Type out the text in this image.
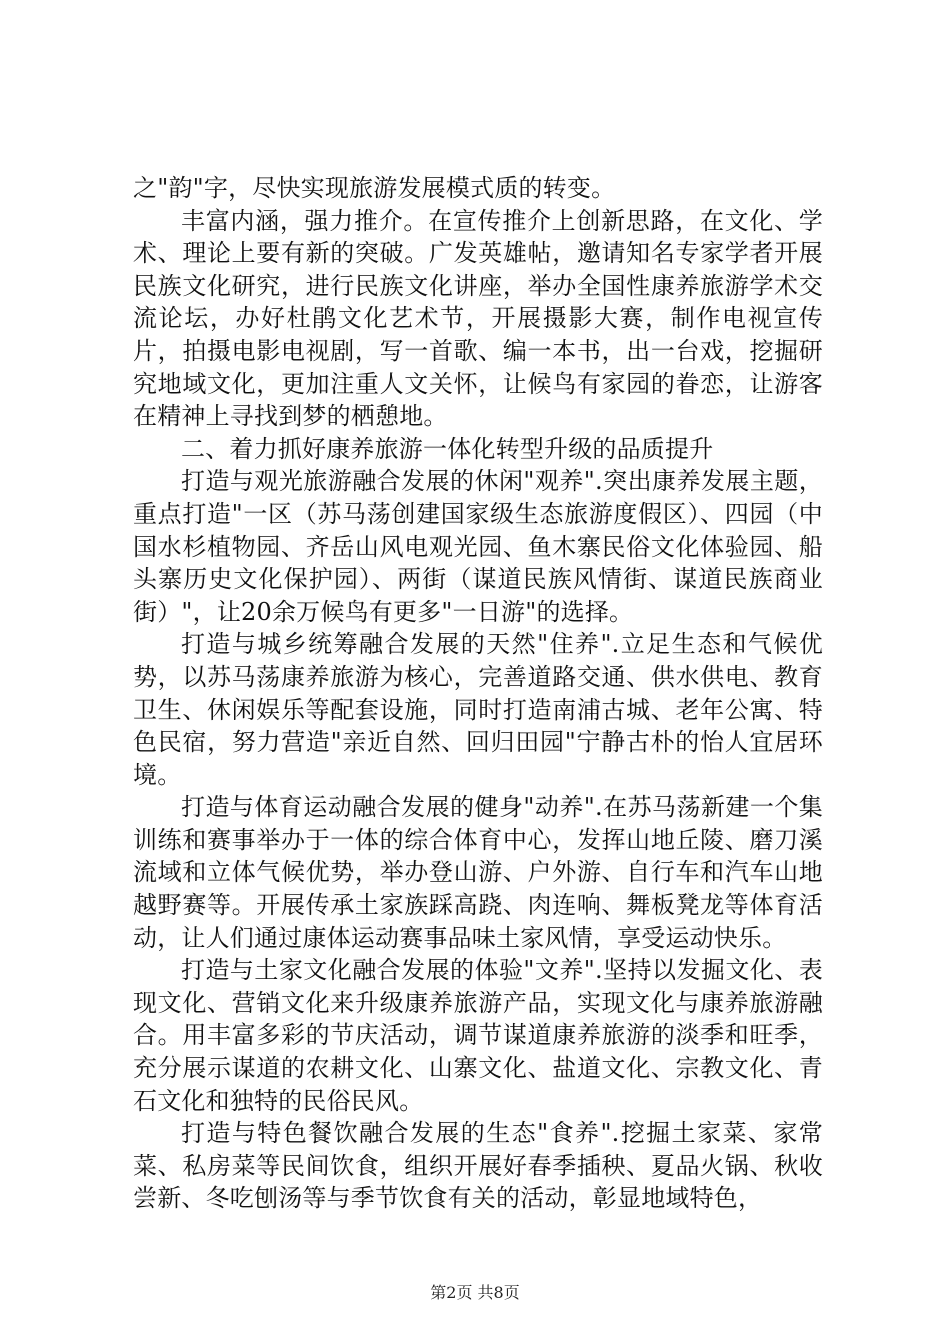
之"韵"字，尽快实现旅游发展模式质的转变。

丰富内涵，强力推介。在宣传推介上创新思路，在文化、学术、理论上要有新的突破。广发英雄帖，邀请知名专家学者开展民族文化研究，进行民族文化讲座，举办全国性康养旅游学术交流论坛，办好杜鹃文化艺术节，开展摄影大赛，制作电视宣传片，拍摄电影电视剧，写一首歌、编一本书，出一台戏，挖掘研究地域文化，更加注重人文关怀，让候鸟有家园的眷恋，让游客在精神上寻找到梦的栖憩地。

二、着力抓好康养旅游一体化转型升级的品质提升

打造与观光旅游融合发展的休闲"观养".突出康养发展主题，重点打造"一区（苏马荡创建国家级生态旅游度假区）、四园（中国水杉植物园、齐岳山风电观光园、鱼木寨民俗文化体验园、船头寨历史文化保护园）、两街（谋道民族风情街、谋道民族商业街）"，让20余万候鸟有更多"一日游"的选择。

打造与城乡统筹融合发展的天然"住养".立足生态和气候优势，以苏马荡康养旅游为核心，完善道路交通、供水供电、教育卫生、休闲娱乐等配套设施，同时打造南浦古城、老年公寓、特色民宿，努力营造"亲近自然、回归田园"宁静古朴的怡人宜居环境。

打造与体育运动融合发展的健身"动养".在苏马荡新建一个集训练和赛事举办于一体的综合体育中心，发挥山地丘陵、磨刀溪流域和立体气候优势，举办登山游、户外游、自行车和汽车山地越野赛等。开展传承土家族踩高跷、肉连响、舞板凳龙等体育活动，让人们通过康体运动赛事品味土家风情，享受运动快乐。

打造与土家文化融合发展的体验"文养".坚持以发掘文化、表现文化、营销文化来升级康养旅游产品，实现文化与康养旅游融合。用丰富多彩的节庆活动，调节谋道康养旅游的淡季和旺季，充分展示谋道的农耕文化、山寨文化、盐道文化、宗教文化、青石文化和独特的民俗民风。

打造与特色餐饮融合发展的生态"食养".挖掘土家菜、家常菜、私房菜等民间饮食，组织开展好春季插秧、夏品火锅、秋收尝新、冬吃刨汤等与季节饮食有关的活动，彰显地域特色，

第2页 共8页
